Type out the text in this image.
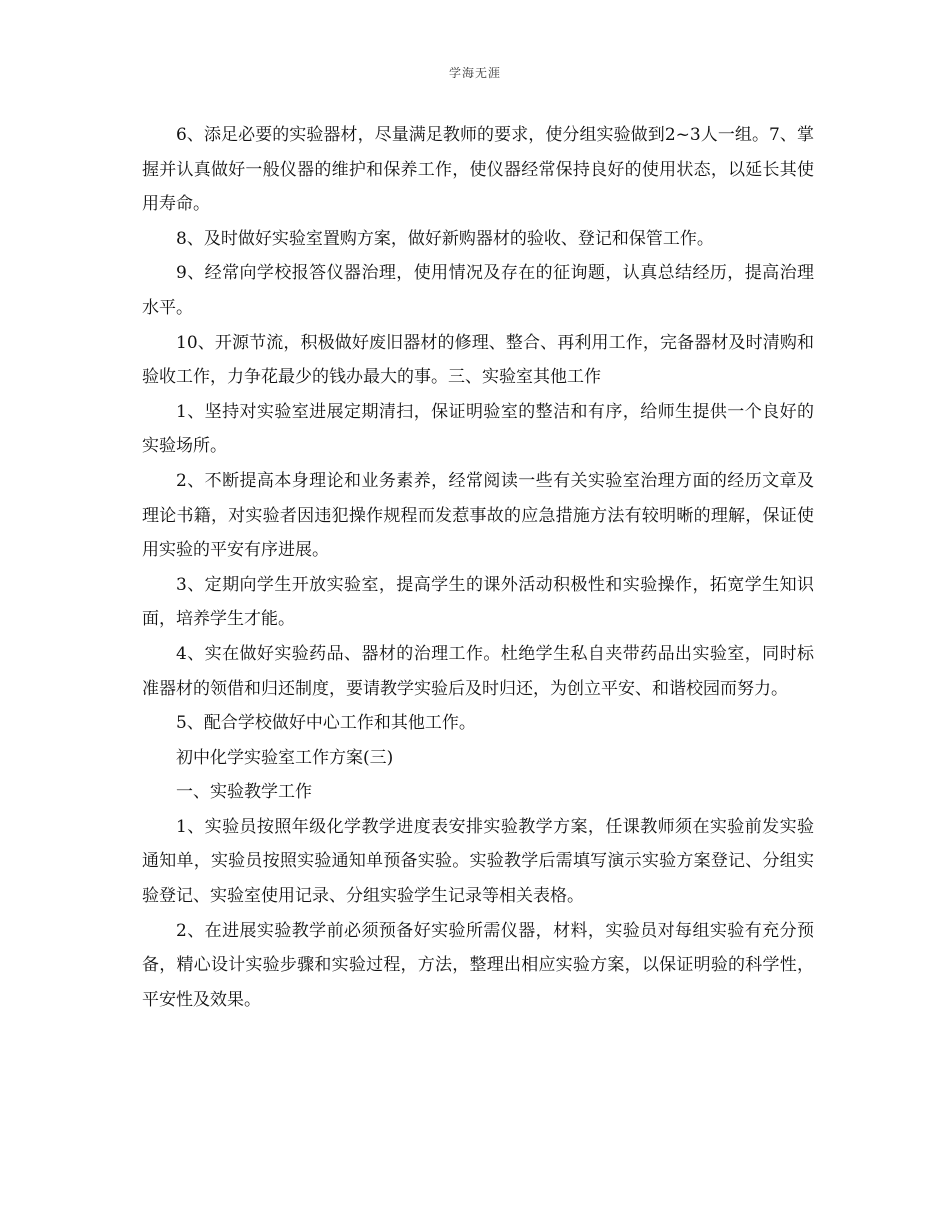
学海无涯

6、添足必要的实验器材，尽量满足教师的要求，使分组实验做到2~3人一组。7、掌握并认真做好一般仪器的维护和保养工作，使仪器经常保持良好的使用状态，以延长其使用寿命。

8、及时做好实验室置购方案，做好新购器材的验收、登记和保管工作。

9、经常向学校报答仪器治理，使用情况及存在的征询题，认真总结经历，提高治理水平。

10、开源节流，积极做好废旧器材的修理、整合、再利用工作，完备器材及时清购和验收工作，力争花最少的钱办最大的事。三、实验室其他工作

1、坚持对实验室进展定期清扫，保证明验室的整洁和有序，给师生提供一个良好的实验场所。

2、不断提高本身理论和业务素养，经常阅读一些有关实验室治理方面的经历文章及理论书籍，对实验者因违犯操作规程而发惹事故的应急措施方法有较明晰的理解，保证使用实验的平安有序进展。

3、定期向学生开放实验室，提高学生的课外活动积极性和实验操作，拓宽学生知识面，培养学生才能。

4、实在做好实验药品、器材的治理工作。杜绝学生私自夹带药品出实验室，同时标准器材的领借和归还制度，要请教学实验后及时归还，为创立平安、和谐校园而努力。

5、配合学校做好中心工作和其他工作。

初中化学实验室工作方案(三)

一、实验教学工作

1、实验员按照年级化学教学进度表安排实验教学方案，任课教师须在实验前发实验通知单，实验员按照实验通知单预备实验。实验教学后需填写演示实验方案登记、分组实验登记、实验室使用记录、分组实验学生记录等相关表格。

2、在进展实验教学前必须预备好实验所需仪器，材料，实验员对每组实验有充分预备，精心设计实验步骤和实验过程，方法，整理出相应实验方案，以保证明验的科学性，平安性及效果。
